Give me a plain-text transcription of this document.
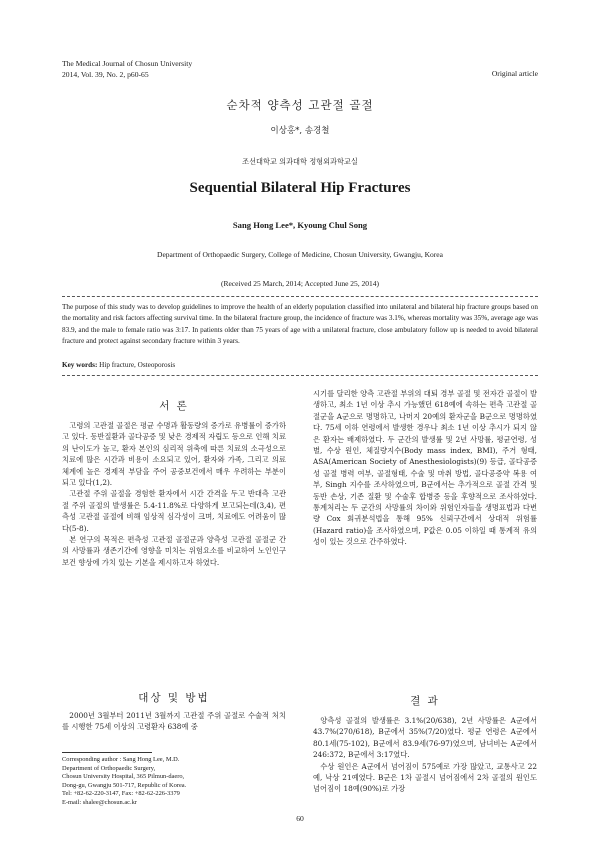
The Medical Journal of Chosun University
2014, Vol. 39, No. 2, p60-65	Original article
순차적 양측성 고관절 골절
이상홍*, 송경철
조선대학교 의과대학 정형외과학교실
Sequential Bilateral Hip Fractures
Sang Hong Lee*, Kyoung Chul Song
Department of Orthopaedic Surgery, College of Medicine, Chosun University, Gwangju, Korea
(Received 25 March, 2014; Accepted June 25, 2014)
The purpose of this study was to develop guidelines to improve the health of an elderly population classified into unilateral and bilateral hip fracture groups based on the mortality and risk factors affecting survival time. In the bilateral fracture group, the incidence of fracture was 3.1%, whereas mortality was 35%, average age was 83.9, and the male to female ratio was 3:17. In patients older than 75 years of age with a unilateral fracture, close ambulatory follow up is needed to avoid bilateral fracture and protect against secondary fracture within 3 years.
Key words: Hip fracture, Osteoporosis
서 론

고령의 고관절 골절은 평균 수명과 활동량의 증가로 유병률이 증가하고 있다. 동반질환과 골다공증 및 낮은 경제적 자립도 등으로 인해 치료의 난이도가 높고, 환자 본인의 심리적 위축에 따른 치료의 소극성으로 치료에 많은 시간과 비용이 소요되고 있어, 환자와 가족, 그리고 의료 체계에 높은 경제적 부담을 주어 공중보건에서 매우 우려하는 부분이 되고 있다(1,2).

고관절 주위 골절을 경험한 환자에서 시간 간격을 두고 반대측 고관절 주위 골절의 발생률은 5.4-11.8%로 다양하게 보고되는데(3,4), 편측성 고관절 골절에 비해 임상적 심각성이 크며, 치료에도 어려움이 많다(5-8).

본 연구의 목적은 편측성 고관절 골절군과 양측성 고관절 골절군 간의 사망률과 생존기간에 영향을 미치는 위험요소를 비교하여 노인인구 보건 향상에 가치 있는 기본을 제시하고자 하였다.

대상 및 방법

2000년 3월부터 2011년 3월까지 고관절 주위 골절로 수술적 처치를 시행한 75세 이상의 고령환자 638예 중

Corresponding author : Sang Hong Lee, M.D.
Department of Orthopaedic Surgery,
Chosun University Hospital, 365 Pilmun-daero,
Dong-gu, Gwangju 501-717, Republic of Korea.
Tel: +82-62-220-3147, Fax: +82-62-226-3379
E-mail: shalee@chosun.ac.kr

시기를 달리한 양측 고관절 부위의 대퇴 경부 골절 및 전자간 골절이 발생하고, 최소 1년 이상 추시 가능했던 618예에 속하는 편측 고관절 골절군을 A군으로 명명하고, 나머지 20예의 환자군을 B군으로 명명하였다. 75세 이하 연령에서 발생한 경우나 최소 1년 이상 추시가 되지 않은 환자는 배제하였다. 두 군간의 발생률 및 2년 사망률, 평균연령, 성별, 수상 원인, 체질량지수(Body mass index, BMI), 주거 형태, ASA(American Society of Anesthesiologists)(9) 등급, 골다공증성 골절 병력 여부, 골절형태, 수술 및 마취 방법, 골다공증약 복용 여부, Singh 지수를 조사하였으며, B군에서는 추가적으로 골절 간격 및 동반 손상, 기존 질환 및 수술후 합병증 등을 후향적으로 조사하였다. 통계처리는 두 군간의 사망률의 차이와 위험인자들을 생명표법과 다변량 Cox 회귀분석법을 통해 95% 신뢰구간에서 상대적 위험률(Hazard ratio)을 조사하였으며, P값은 0.05 이하일 때 통계적 유의성이 있는 것으로 간주하였다.

결 과

양측성 골절의 발생률은 3.1%(20/638), 2년 사망률은 A군에서 43.7%(270/618), B군에서 35%(7/20)였다. 평균 연령은 A군에서 80.1세(75-102), B군에서 83.9세(76-97)였으며, 남녀비는 A군에서 246:372, B군에서 3:17였다.

수상 원인은 A군에서 넘어짐이 575예로 가장 많았고, 교통사고 22예, 낙상 21예였다. B군은 1차 골절시 넘어짐에서 2차 골절의 원인도 넘어짐이 18예(90%)로 가장

60
